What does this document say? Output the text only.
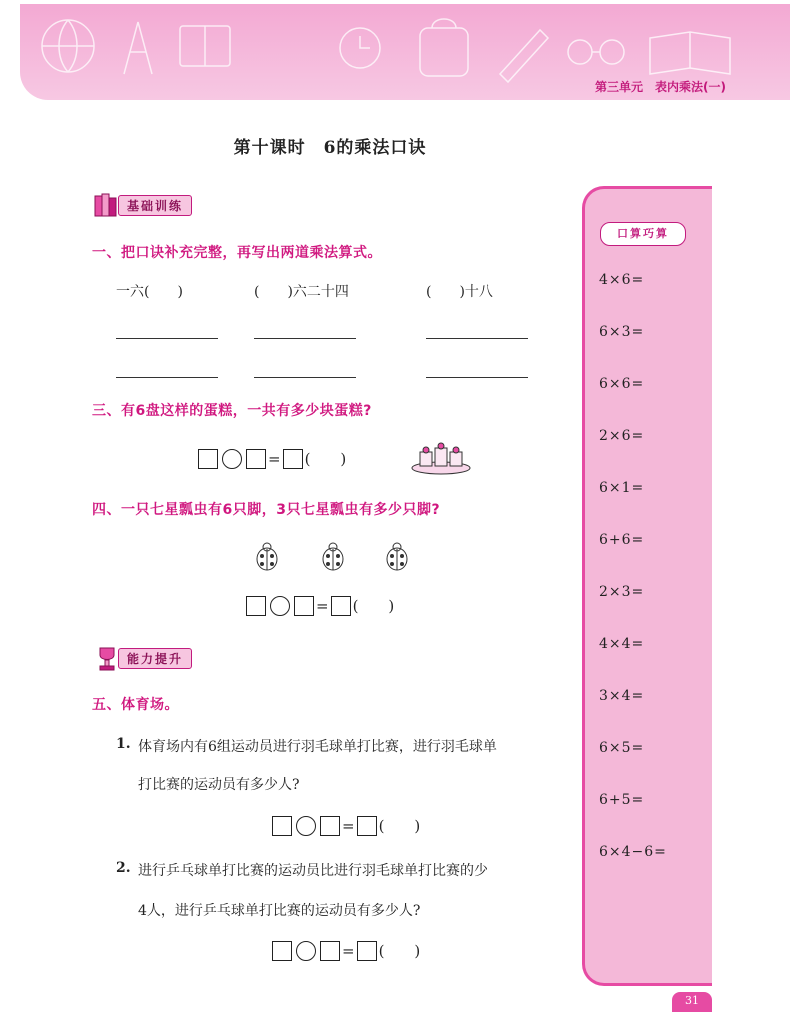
第三单元　表内乘法(一)
第十课时　6的乘法口诀
基础训练
一、把口诀补充完整，再写出两道乘法算式。
一六(　　)	(　　)六二十四	(　　)十八
三、有6盘这样的蛋糕，一共有多少块蛋糕?
= (　　)
四、一只七星瓢虫有6只脚，3只七星瓢虫有多少只脚?
= (　　)
能力提升
五、体育场。
1. 体育场内有6组运动员进行羽毛球单打比赛，进行羽毛球单
打比赛的运动员有多少人?
= (　　)
2. 进行乒乓球单打比赛的运动员比进行羽毛球单打比赛的少
4人，进行乒乓球单打比赛的运动员有多少人?
= (　　)
口算巧算
4×6=
6×3=
6×6=
2×6=
6×1=
6+6=
2×3=
4×4=
3×4=
6×5=
6+5=
6×4−6=
31
